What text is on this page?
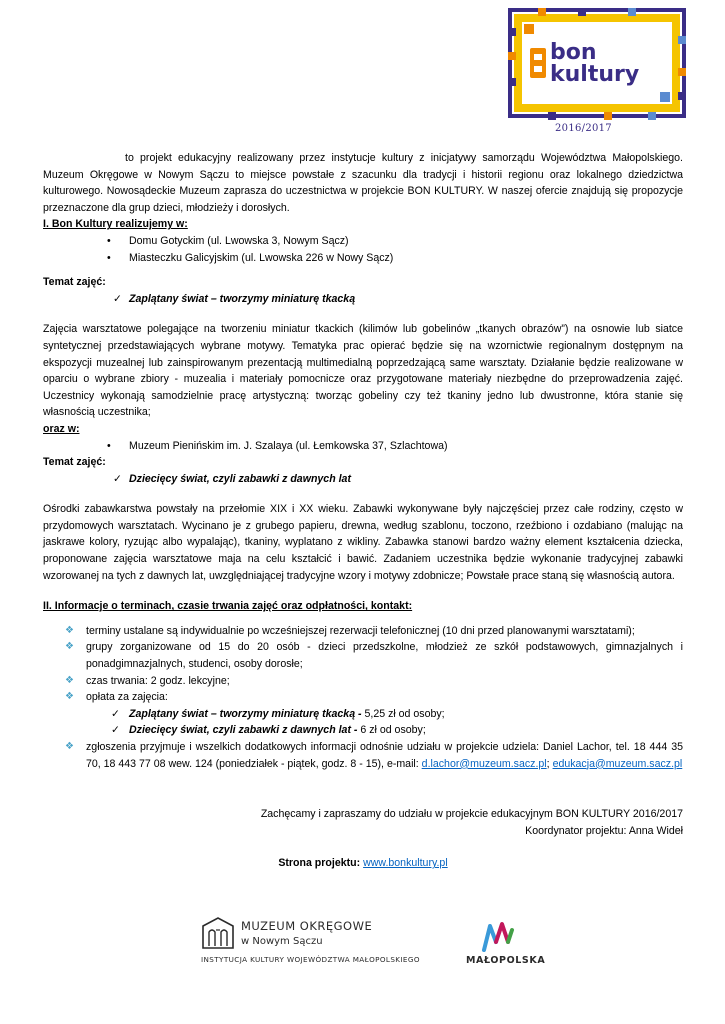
bon
kultury
2016/2017

to projekt edukacyjny realizowany przez instytucje kultury z inicjatywy samorządu Województwa Małopolskiego. Muzeum Okręgowe w Nowym Sączu to miejsce powstałe z szacunku dla tradycji i historii regionu oraz lokalnego dziedzictwa kulturowego. Nowosądeckie Muzeum zaprasza do uczestnictwa w projekcie BON KULTURY. W naszej ofercie znajdują się propozycje przeznaczone dla grup dzieci, młodzieży i dorosłych.

I. Bon Kultury realizujemy w:

• Domu Gotyckim (ul. Lwowska 3, Nowym Sącz)
• Miasteczku Galicyjskim (ul. Lwowska 226 w Nowy Sącz)

Temat zajęć:

✓ Zaplątany świat – tworzymy miniaturę tkacką

Zajęcia warsztatowe polegające na tworzeniu miniatur tkackich (kilimów lub gobelinów „tkanych obrazów”) na osnowie lub siatce syntetycznej przedstawiających wybrane motywy. Tematyka prac opierać będzie się na wzornictwie regionalnym dostępnym na ekspozycji muzealnej lub zainspirowanym prezentacją multimedialną poprzedzającą same warsztaty. Działanie będzie realizowane w oparciu o wybrane zbiory - muzealia i materiały pomocnicze oraz przygotowane materiały niezbędne do przeprowadzenia zajęć. Uczestnicy wykonają samodzielnie pracę artystyczną: tworząc gobeliny czy też tkaniny jedno lub dwustronne, która stanie się własnością uczestnika;

oraz w:

• Muzeum Pienińskim im. J. Szalaya (ul. Łemkowska 37, Szlachtowa)

Temat zajęć:

✓ Dziecięcy świat, czyli zabawki z dawnych lat

Ośrodki zabawkarstwa powstały na przełomie XIX i XX wieku. Zabawki wykonywane były najczęściej przez całe rodziny, często w przydomowych warsztatach. Wycinano je z grubego papieru, drewna, według szablonu, toczono, rzeźbiono i ozdabiano (malując na jaskrawe kolory, ryzując albo wypalając), tkaniny, wyplatano z wikliny. Zabawka stanowi bardzo ważny element kształcenia dziecka, proponowane zajęcia warsztatowe maja na celu kształcić i bawić. Zadaniem uczestnika będzie wykonanie tradycyjnej zabawki wzorowanej na tych z dawnych lat, uwzględniającej tradycyjne wzory i motywy zdobnicze; Powstałe prace staną się własnością autora.

II. Informacje o terminach, czasie trwania zajęć oraz odpłatności, kontakt:

❖ terminy ustalane są indywidualnie po wcześniejszej rezerwacji telefonicznej (10 dni przed planowanymi warsztatami);
❖ grupy zorganizowane od 15 do 20 osób - dzieci przedszkolne, młodzież ze szkół podstawowych, gimnazjalnych i ponadgimnazjalnych, studenci, osoby dorosłe;
❖ czas trwania: 2 godz. lekcyjne;
❖ opłata za zajęcia:

✓ Zaplątany świat – tworzymy miniaturę tkacką - 5,25 zł od osoby;

✓ Dziecięcy świat, czyli zabawki z dawnych lat - 6 zł od osoby;

❖ zgłoszenia przyjmuje i wszelkich dodatkowych informacji odnośnie udziału w projekcie udziela: Daniel Lachor, tel. 18 444 35 70, 18 443 77 08 wew. 124 (poniedziałek - piątek, godz. 8 - 15), e-mail: d.lachor@muzeum.sacz.pl; edukacja@muzeum.sacz.pl

Zachęcamy i zapraszamy do udziału w projekcie edukacyjnym BON KULTURY 2016/2017

Koordynator projektu: Anna Wideł

Strona projektu: www.bonkultury.pl

MUZEUM OKRĘGOWE
w Nowym Sączu
INSTYTUCJA KULTURY WOJEWÓDZTWA MAŁOPOLSKIEGO	MAŁOPOLSKA
